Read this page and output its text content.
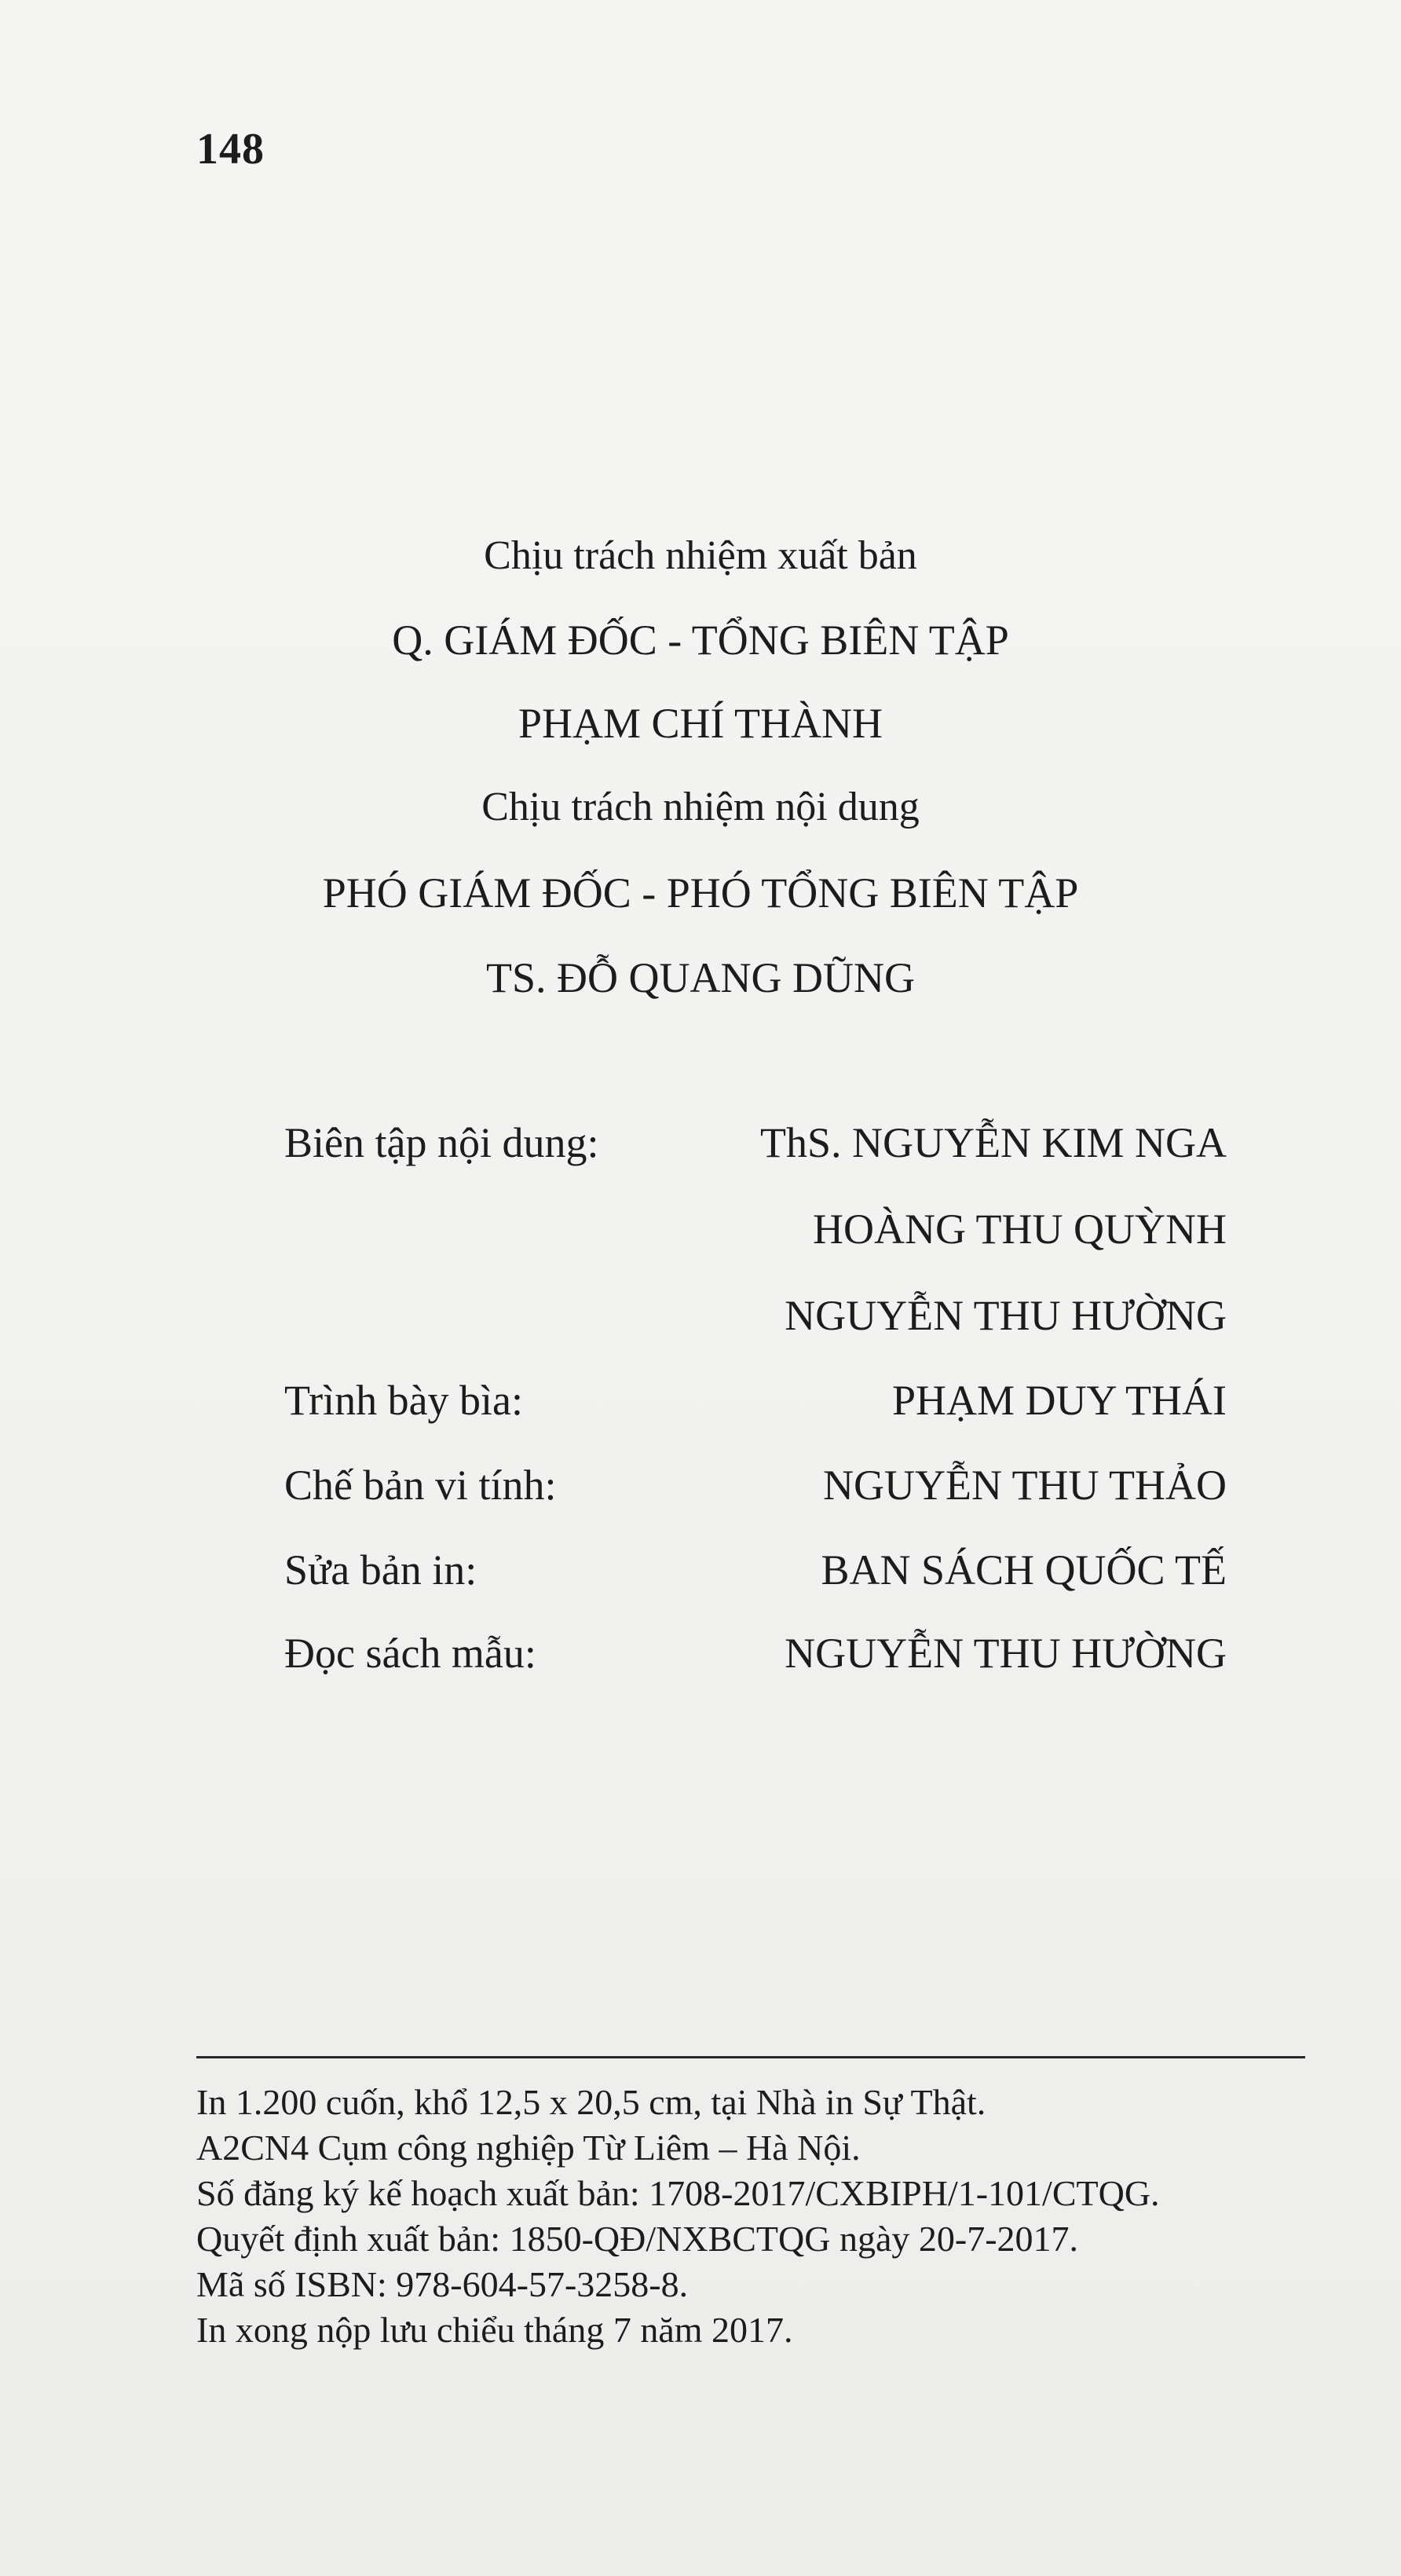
148
Chịu trách nhiệm xuất bản
Q. GIÁM ĐỐC - TỔNG BIÊN TẬP
PHẠM CHÍ THÀNH
Chịu trách nhiệm nội dung
PHÓ GIÁM ĐỐC - PHÓ TỔNG BIÊN TẬP
TS. ĐỖ QUANG DŨNG
Biên tập nội dung:	ThS. NGUYỄN KIM NGA
HOÀNG THU QUỲNH
NGUYỄN THU HƯỜNG
Trình bày bìa:	PHẠM DUY THÁI
Chế bản vi tính:	NGUYỄN THU THẢO
Sửa bản in:	BAN SÁCH QUỐC TẾ
Đọc sách mẫu:	NGUYỄN THU HƯỜNG
In 1.200 cuốn, khổ 12,5 x 20,5 cm, tại Nhà in Sự Thật.
A2CN4 Cụm công nghiệp Từ Liêm – Hà Nội.
Số đăng ký kế hoạch xuất bản: 1708-2017/CXBIPH/1-101/CTQG.
Quyết định xuất bản: 1850-QĐ/NXBCTQG ngày 20-7-2017.
Mã số ISBN: 978-604-57-3258-8.
In xong nộp lưu chiểu tháng 7 năm 2017.
